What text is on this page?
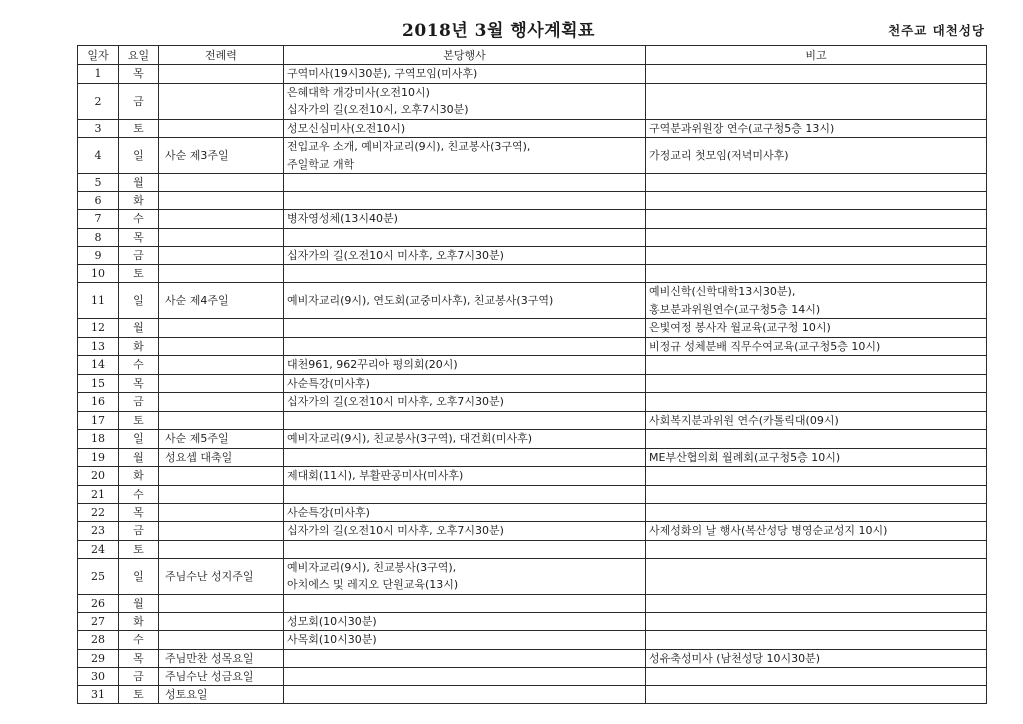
2018년 3월 행사계획표	천주교 대천성당
일자	요일	전례력	본당행사	비고
1	목		구역미사(19시30분), 구역모임(미사후)	

2	금		은혜대학 개강미사(오전10시)
십자가의 길(오전10시, 오후7시30분)	

3	토		성모신심미사(오전10시)	구역분과위원장 연수(교구청5층 13시)

4	일	사순 제3주일	전입교우 소개, 예비자교리(9시), 친교봉사(3구역),
주일학교 개학	가정교리 첫모임(저녁미사후)

5	월			
6	화			
7	수		병자영성체(13시40분)	

8	목			
9	금		십자가의 길(오전10시 미사후, 오후7시30분)	

10	토			
11	일	사순 제4주일	예비자교리(9시), 연도회(교중미사후), 친교봉사(3구역)	예비신학(신학대학13시30분),
홍보분과위원연수(교구청5층 14시)

12	월			은빛여정 봉사자 월교육(교구청 10시)

13	화			비정규 성체분배 직무수여교육(교구청5층 10시)

14	수		대천961, 962꾸리아 평의회(20시)	

15	목		사순특강(미사후)	

16	금		십자가의 길(오전10시 미사후, 오후7시30분)	

17	토			사회복지분과위원 연수(카톨릭대(09시)

18	일	사순 제5주일	예비자교리(9시), 친교봉사(3구역), 대건회(미사후)	

19	월	성요셉 대축일		ME부산협의회 월례회(교구청5층 10시)

20	화		제대회(11시), 부활판공미사(미사후)	

21	수			
22	목		사순특강(미사후)	

23	금		십자가의 길(오전10시 미사후, 오후7시30분)	사제성화의 날 행사(복산성당 병영순교성지 10시)

24	토			
25	일	주님수난 성지주일	예비자교리(9시), 친교봉사(3구역),
아치에스 및 레지오 단원교육(13시)	

26	월			
27	화		성모회(10시30분)	

28	수		사목회(10시30분)	

29	목	주님만찬 성목요일		성유축성미사 (남천성당 10시30분)

30	금	주님수난 성금요일		
31	토	성토요일		
